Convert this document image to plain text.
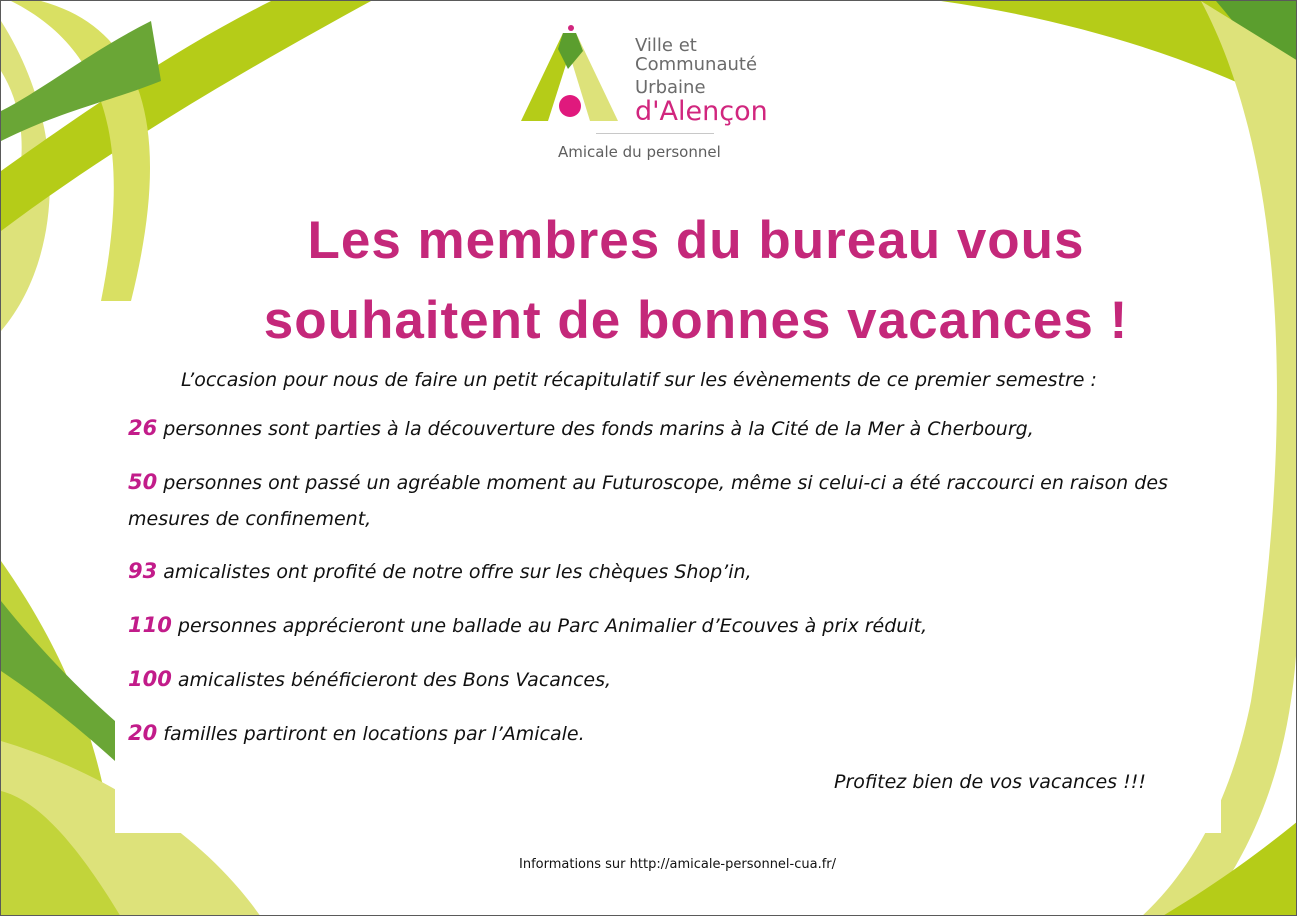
Ville et
Communauté
Urbaine
d'Alençon
Amicale du personnel
Les membres du bureau vous
souhaitent de bonnes vacances !
L’occasion pour nous de faire un petit récapitulatif sur les évènements de ce premier semestre :
26 personnes sont parties à la découverture des fonds marins à la Cité de la Mer à Cherbourg,
50 personnes ont passé un agréable moment au Futuroscope, même si celui-ci a été raccourci en raison des mesures de confinement,
93 amicalistes ont profité de notre offre sur les chèques Shop’in,
110 personnes apprécieront une ballade au Parc Animalier d’Ecouves à prix réduit,
100 amicalistes bénéficieront des Bons Vacances,
20 familles partiront en locations par l’Amicale.
Profitez bien de vos vacances !!!
Informations sur http://amicale-personnel-cua.fr/
